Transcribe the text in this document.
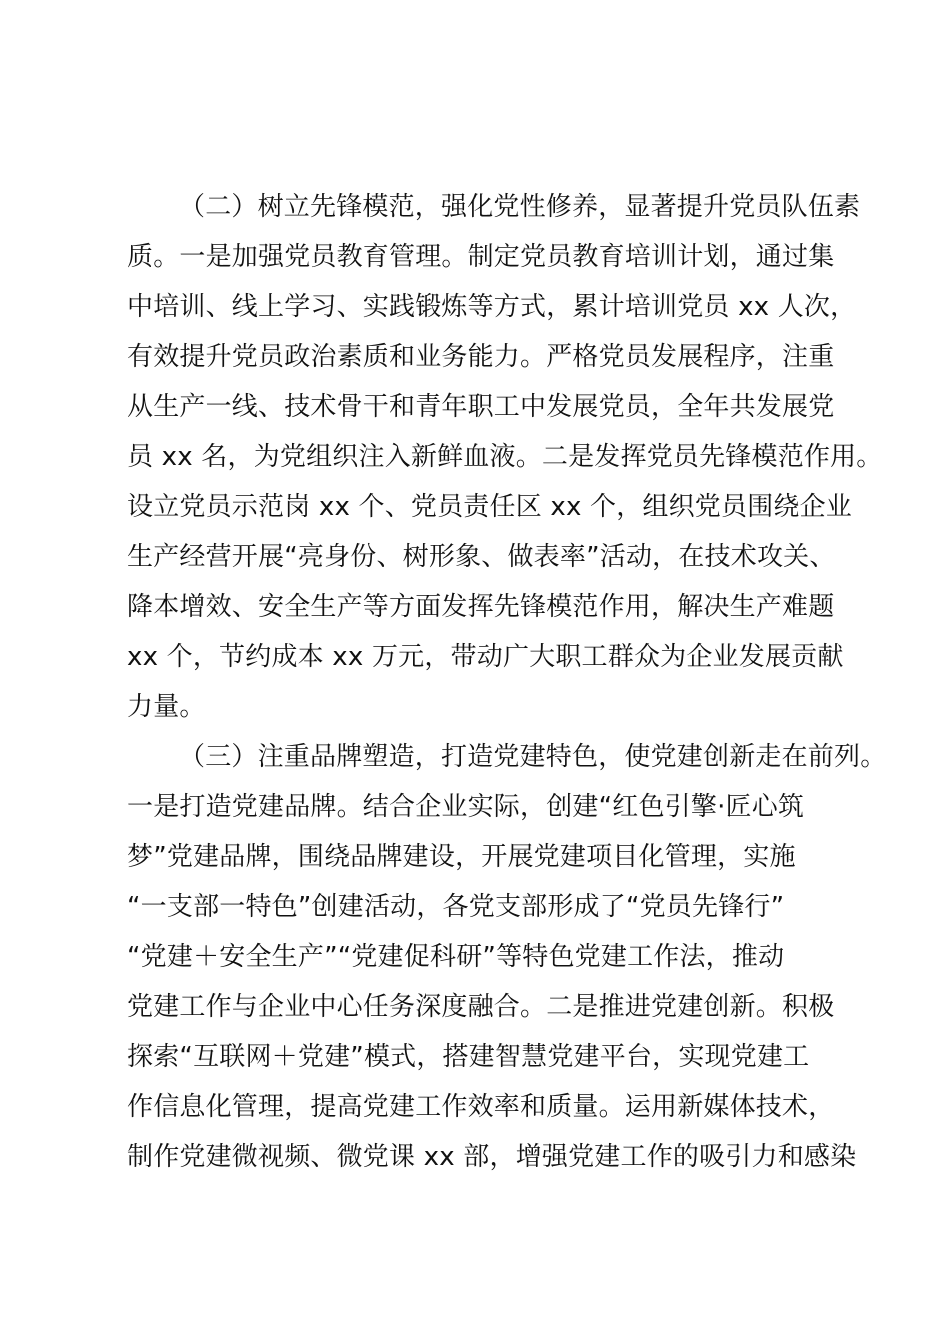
（二）树立先锋模范，强化党性修养，显著提升党员队伍素
质。一是加强党员教育管理。制定党员教育培训计划，通过集
中培训、线上学习、实践锻炼等方式，累计培训党员 xx 人次，
有效提升党员政治素质和业务能力。严格党员发展程序，注重
从生产一线、技术骨干和青年职工中发展党员，全年共发展党
员 xx 名，为党组织注入新鲜血液。二是发挥党员先锋模范作用。
设立党员示范岗 xx 个、党员责任区 xx 个，组织党员围绕企业
生产经营开展“亮身份、树形象、做表率”活动，在技术攻关、
降本增效、安全生产等方面发挥先锋模范作用，解决生产难题
xx 个，节约成本 xx 万元，带动广大职工群众为企业发展贡献
力量。
（三）注重品牌塑造，打造党建特色，使党建创新走在前列。
一是打造党建品牌。结合企业实际，创建“红色引擎·匠心筑
梦”党建品牌，围绕品牌建设，开展党建项目化管理，实施
“一支部一特色”创建活动，各党支部形成了“党员先锋行”
“党建＋安全生产”“党建促科研”等特色党建工作法，推动
党建工作与企业中心任务深度融合。二是推进党建创新。积极
探索“互联网＋党建”模式，搭建智慧党建平台，实现党建工
作信息化管理，提高党建工作效率和质量。运用新媒体技术，
制作党建微视频、微党课 xx 部，增强党建工作的吸引力和感染
